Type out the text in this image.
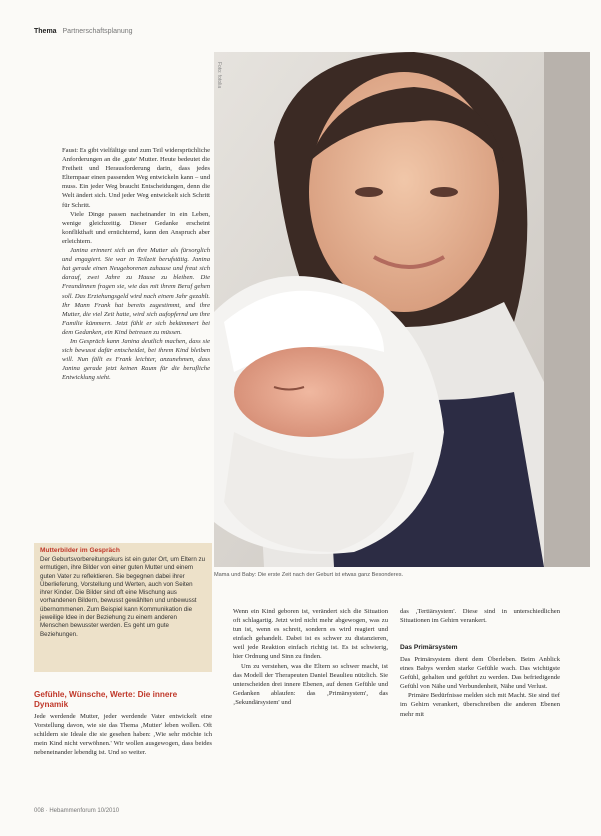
Thema Partnerschaftsplanung
Foto: fotolia
Mama und Baby: Die erste Zeit nach der Geburt ist etwas ganz Besonderes.

Faust: Es gibt vielfältige und zum Teil widersprüchliche Anforderungen an die ‚gute' Mutter. Heute bedeutet die Freiheit und Herausforderung darin, dass jedes Elternpaar einen passenden Weg entwickeln kann – und muss. Ein jeder Weg braucht Entscheidungen, denn die Welt ändert sich. Und jeder Weg entwickelt sich Schritt für Schritt.

Viele Dinge passen nacheinander in ein Leben, wenige gleichzeitig. Dieser Gedanke erscheint konflikthaft und ernüchternd, kann den Anspruch aber erleichtern.

Janina erinnert sich an ihre Mutter als fürsorglich und engagiert. Sie war in Teilzeit berufstätig. Janina hat gerade einen Neugeborenen zuhause und freut sich darauf, zwei Jahre zu Hause zu bleiben. Die Freundinnen fragen sie, wie das mit ihrem Beruf gehen soll. Das Erziehungsgeld wird nach einem Jahr gezahlt. Ihr Mann Frank hat bereits zugestimmt, und ihre Mutter, die viel Zeit hatte, wird sich aufopfernd um ihre Familie kümmern. Jetzt fühlt er sich bekümmert bei dem Gedanken, ein Kind betreuen zu müssen.

Im Gespräch kann Janina deutlich machen, dass sie sich bewusst dafür entscheidet, bei ihrem Kind bleiben will. Nun fällt es Frank leichter, anzunehmen, dass Janina gerade jetzt keinen Raum für die berufliche Entwicklung sieht.

Mutterbilder im Gespräch
Der Geburtsvorbereitungskurs ist ein guter Ort, um Eltern zu ermutigen, ihre Bilder von einer guten Mutter und einem guten Vater zu reflektieren. Sie begegnen dabei ihrer Überlieferung, Vorstellung und Werten, auch von Seiten ihrer Kinder. Die Bilder sind oft eine Mischung aus vorhandenen Bildern, bewusst gewählten und unbewusst übernommenen. Zum Beispiel kann Kommunikation die jeweilige Idee in der Beziehung zu einem anderen Menschen bewusster werden. Es geht um gute Beziehungen.
Gefühle, Wünsche, Werte: Die innere Dynamik

Jede werdende Mutter, jeder werdende Vater entwickelt eine Vorstellung davon, wie sie das Thema ‚Mutter' leben wollen. Oft schildern sie Ideale die sie gesehen haben: ‚Wie sehr möchte ich mein Kind nicht verwöhnen.' Wir wollen ausgewogen, dass beides nebeneinander lebendig ist. Und so weiter.

Wenn ein Kind geboren ist, verändert sich die Situation oft schlagartig. Jetzt wird nicht mehr abgewogen, was zu tun ist, wenn es schreit, sondern es wird reagiert und einfach gehandelt. Dabei ist es schwer zu distanzieren, weil jede Reaktion einfach richtig ist. Es ist schwierig, hier Ordnung und Sinn zu finden.

Um zu verstehen, was die Eltern so schwer macht, ist das Modell der Therapeuten Daniel Beaulieu nützlich. Sie unterscheiden drei innere Ebenen, auf denen Gefühle und Gedanken ablaufen: das ‚Primärsystem', das ‚Sekundärsystem' und

das ‚Tertiärsystem'. Diese sind in unterschiedlichen Situationen im Gehirn verankert.

Das Primärsystem

Das Primärsystem dient dem Überleben. Beim Anblick eines Babys werden starke Gefühle wach. Das wichtigste Gefühl, gehalten und geführt zu werden. Das befriedigende Gefühl von Nähe und Verbundenheit, Nähe und Verlust.

Primäre Bedürfnisse melden sich mit Macht. Sie sind tief im Gehirn verankert, überschreiben die anderen Ebenen mehr mit

008 · Hebammenforum 10/2010
